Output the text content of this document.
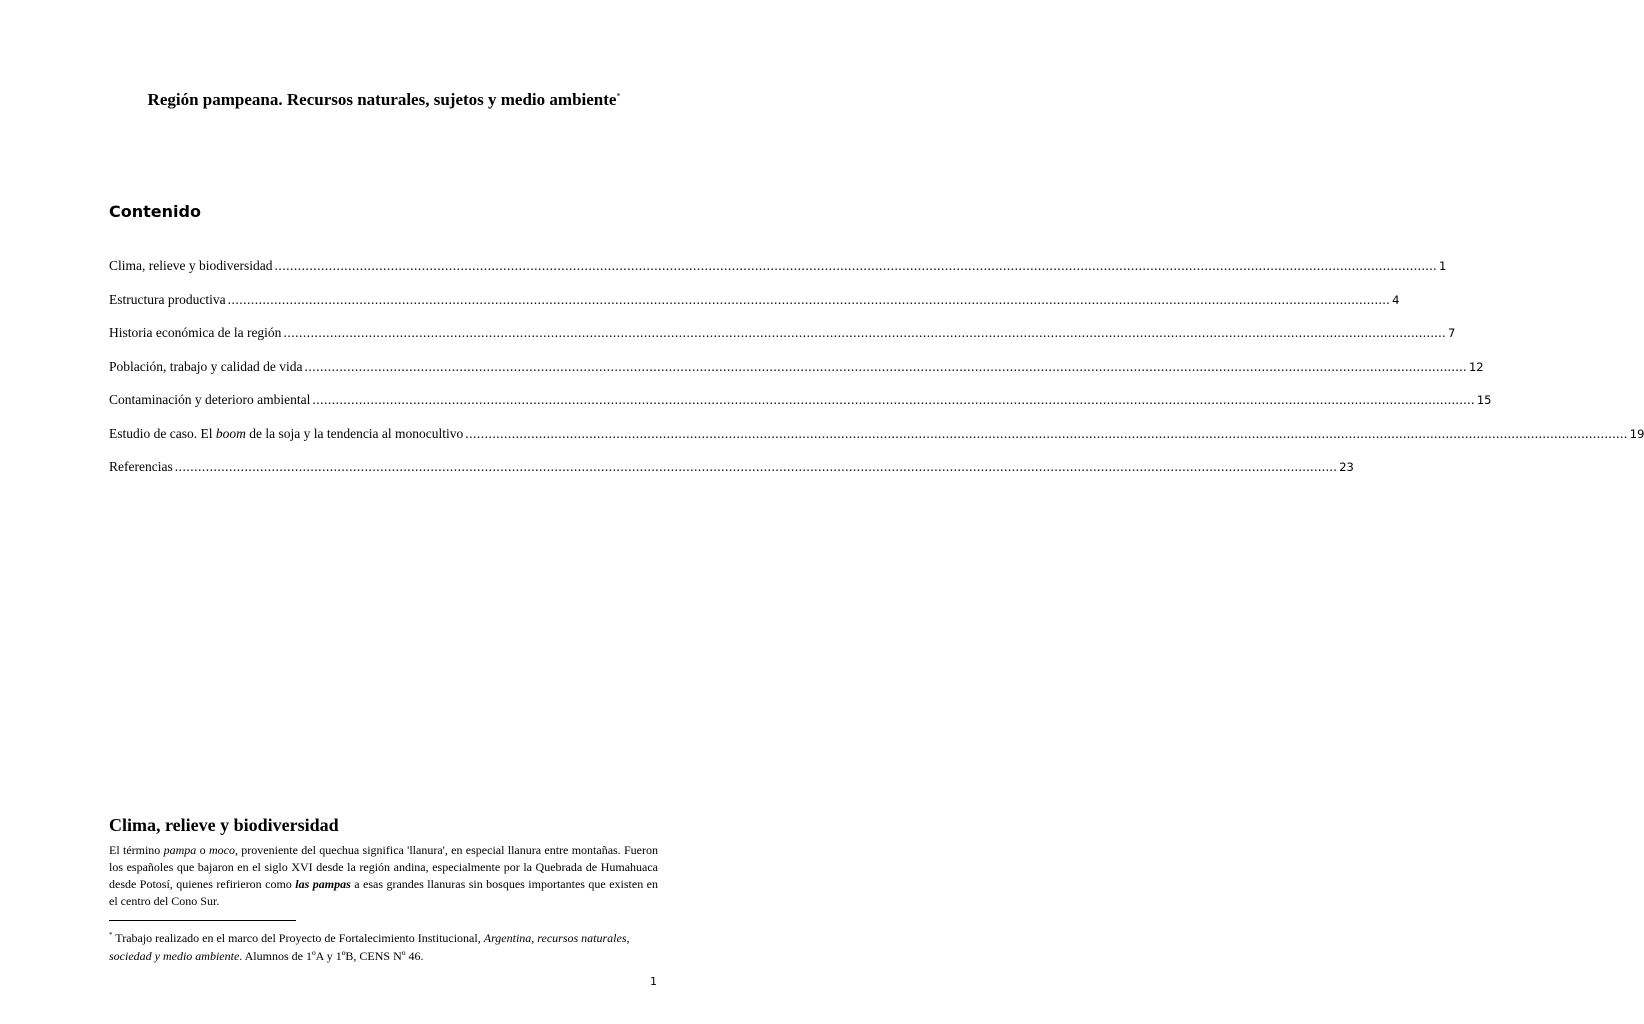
Región pampeana. Recursos naturales, sujetos y medio ambiente*
Contenido
Clima, relieve y biodiversidad ............................................................................................................................................................................................................................................................................................................ 1
Estructura productiva ............................................................................................................................................................................................................................................................................................................ 4
Historia económica de la región ............................................................................................................................................................................................................................................................................................................ 7
Población, trabajo y calidad de vida ............................................................................................................................................................................................................................................................................................................ 12
Contaminación y deterioro ambiental ............................................................................................................................................................................................................................................................................................................ 15
Estudio de caso. El boom de la soja y la tendencia al monocultivo ............................................................................................................................................................................................................................................................................................................ 19
Referencias ............................................................................................................................................................................................................................................................................................................ 23
Clima, relieve y biodiversidad
El término pampa o moco, proveniente del quechua significa 'llanura', en especial llanura entre montañas. Fueron los españoles que bajaron en el siglo XVI desde la región andina, especialmente por la Quebrada de Humahuaca desde Potosí, quienes refirieron como las pampas a esas grandes llanuras sin bosques importantes que existen en el centro del Cono Sur.
* Trabajo realizado en el marco del Proyecto de Fortalecimiento Institucional, Argentina, recursos naturales, sociedad y medio ambiente. Alumnos de 1ºA y 1ºB, CENS Nº 46.
1
